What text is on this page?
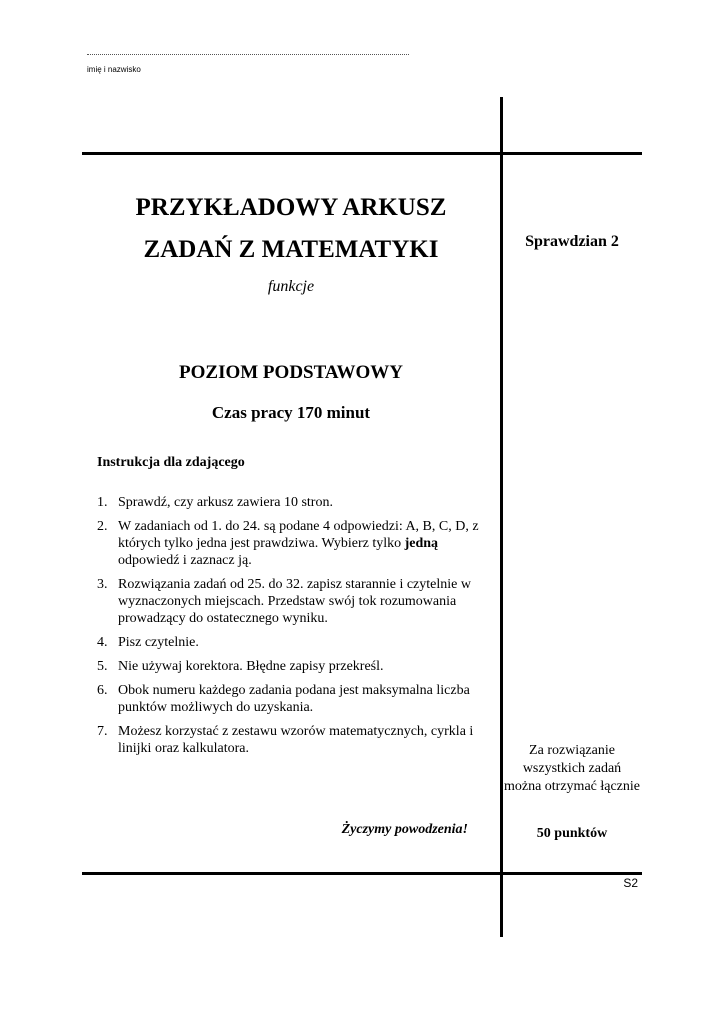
imię i nazwisko
PRZYKŁADOWY ARKUSZ
ZADAŃ Z MATEMATYKI
funkcje
POZIOM PODSTAWOWY
Czas pracy 170 minut
Instrukcja dla zdającego
1. Sprawdź, czy arkusz zawiera 10 stron.
2. W zadaniach od 1. do 24. są podane 4 odpowiedzi: A, B, C, D, z których tylko jedna jest prawdziwa. Wybierz tylko jedną odpowiedź i zaznacz ją.
3. Rozwiązania zadań od 25. do 32. zapisz starannie i czytelnie w wyznaczonych miejscach. Przedstaw swój tok rozumowania prowadzący do ostatecznego wyniku.
4. Pisz czytelnie.
5. Nie używaj korektora. Błędne zapisy przekreśl.
6. Obok numeru każdego zadania podana jest maksymalna liczba punktów możliwych do uzyskania.
7. Możesz korzystać z zestawu wzorów matematycznych, cyrkla i linijki oraz kalkulatora.
Życzymy powodzenia!
Sprawdzian 2
Za rozwiązanie wszystkich zadań można otrzymać łącznie
50 punktów
S2
